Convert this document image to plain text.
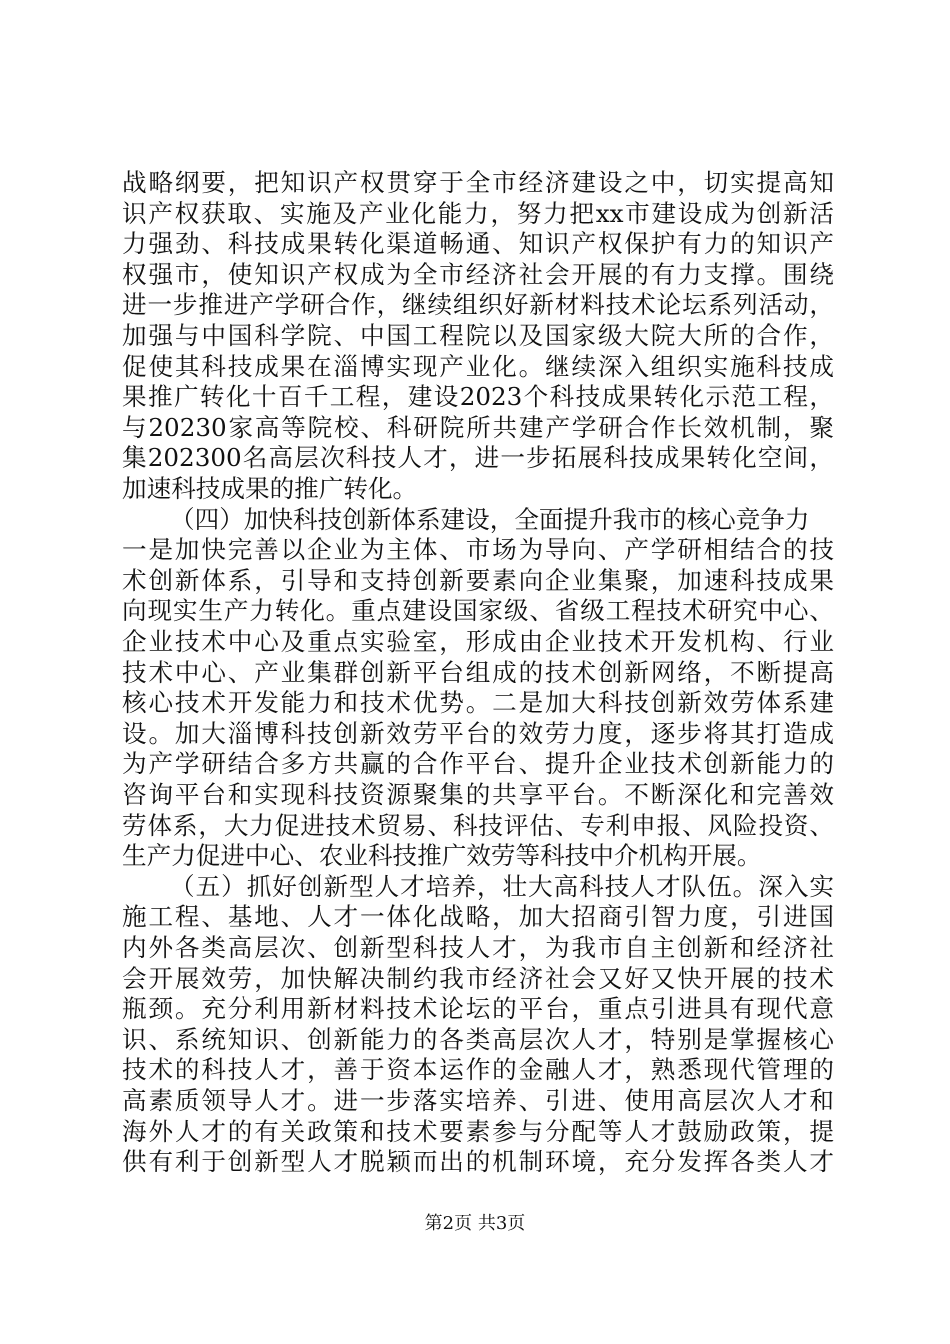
战略纲要，把知识产权贯穿于全市经济建设之中，切实提高知
识产权获取、实施及产业化能力，努力把xx市建设成为创新活
力强劲、科技成果转化渠道畅通、知识产权保护有力的知识产
权强市，使知识产权成为全市经济社会开展的有力支撑。围绕
进一步推进产学研合作，继续组织好新材料技术论坛系列活动，
加强与中国科学院、中国工程院以及国家级大院大所的合作，
促使其科技成果在淄博实现产业化。继续深入组织实施科技成
果推广转化十百千工程，建设2023个科技成果转化示范工程，
与20230家高等院校、科研院所共建产学研合作长效机制，聚
集202300名高层次科技人才，进一步拓展科技成果转化空间，
加速科技成果的推广转化。
（四）加快科技创新体系建设，全面提升我市的核心竞争力
一是加快完善以企业为主体、市场为导向、产学研相结合的技
术创新体系，引导和支持创新要素向企业集聚，加速科技成果
向现实生产力转化。重点建设国家级、省级工程技术研究中心、
企业技术中心及重点实验室，形成由企业技术开发机构、行业
技术中心、产业集群创新平台组成的技术创新网络，不断提高
核心技术开发能力和技术优势。二是加大科技创新效劳体系建
设。加大淄博科技创新效劳平台的效劳力度，逐步将其打造成
为产学研结合多方共赢的合作平台、提升企业技术创新能力的
咨询平台和实现科技资源聚集的共享平台。不断深化和完善效
劳体系，大力促进技术贸易、科技评估、专利申报、风险投资、
生产力促进中心、农业科技推广效劳等科技中介机构开展。
（五）抓好创新型人才培养，壮大高科技人才队伍。深入实
施工程、基地、人才一体化战略，加大招商引智力度，引进国
内外各类高层次、创新型科技人才，为我市自主创新和经济社
会开展效劳，加快解决制约我市经济社会又好又快开展的技术
瓶颈。充分利用新材料技术论坛的平台，重点引进具有现代意
识、系统知识、创新能力的各类高层次人才，特别是掌握核心
技术的科技人才，善于资本运作的金融人才，熟悉现代管理的
高素质领导人才。进一步落实培养、引进、使用高层次人才和
海外人才的有关政策和技术要素参与分配等人才鼓励政策，提
供有利于创新型人才脱颖而出的机制环境，充分发挥各类人才
第2页 共3页
